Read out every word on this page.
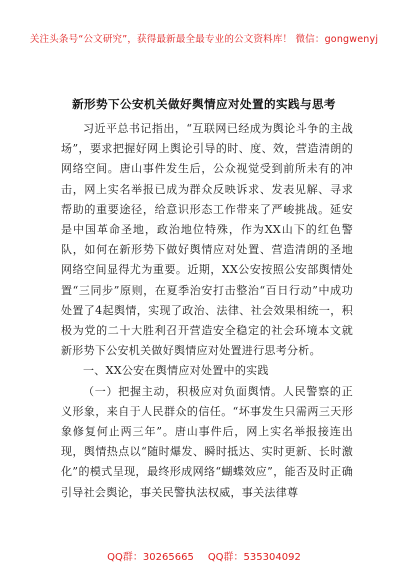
关注头条号“公文研究”，获得最新最全最专业的公文资料库！ 微信：gongwenyj
新形势下公安机关做好舆情应对处置的实践与思考

习近平总书记指出，“互联网已经成为舆论斗争的主战场”，要求把握好网上舆论引导的时、度、效，营造清朗的网络空间。唐山事件发生后，公众视觉受到前所未有的冲击，网上实名举报已成为群众反映诉求、发表见解、寻求帮助的重要途径，给意识形态工作带来了严峻挑战。延安是中国革命圣地，政治地位特殊，作为XX山下的红色警队，如何在新形势下做好舆情应对处置、营造清朗的圣地网络空间显得尤为重要。近期，XX公安按照公安部舆情处置“三同步”原则，在夏季治安打击整治“百日行动”中成功处置了4起舆情，实现了政治、法律、社会效果相统一，积极为党的二十大胜利召开营造安全稳定的社会环境本文就新形势下公安机关做好舆情应对处置进行思考分析。

一、XX公安在舆情应对处置中的实践

（一）把握主动，积极应对负面舆情。人民警察的正义形象，来自于人民群众的信任。“坏事发生只需两三天形象修复何止两三年”。唐山事件后，网上实名举报接连出现，舆情热点以“随时爆发、瞬时抵达、实时更新、长时激化”的模式呈现，最终形成网络“蝴蝶效应”，能否及时正确引导社会舆论，事关民警执法权威，事关法律尊

QQ群：30265665 QQ群：535304092
